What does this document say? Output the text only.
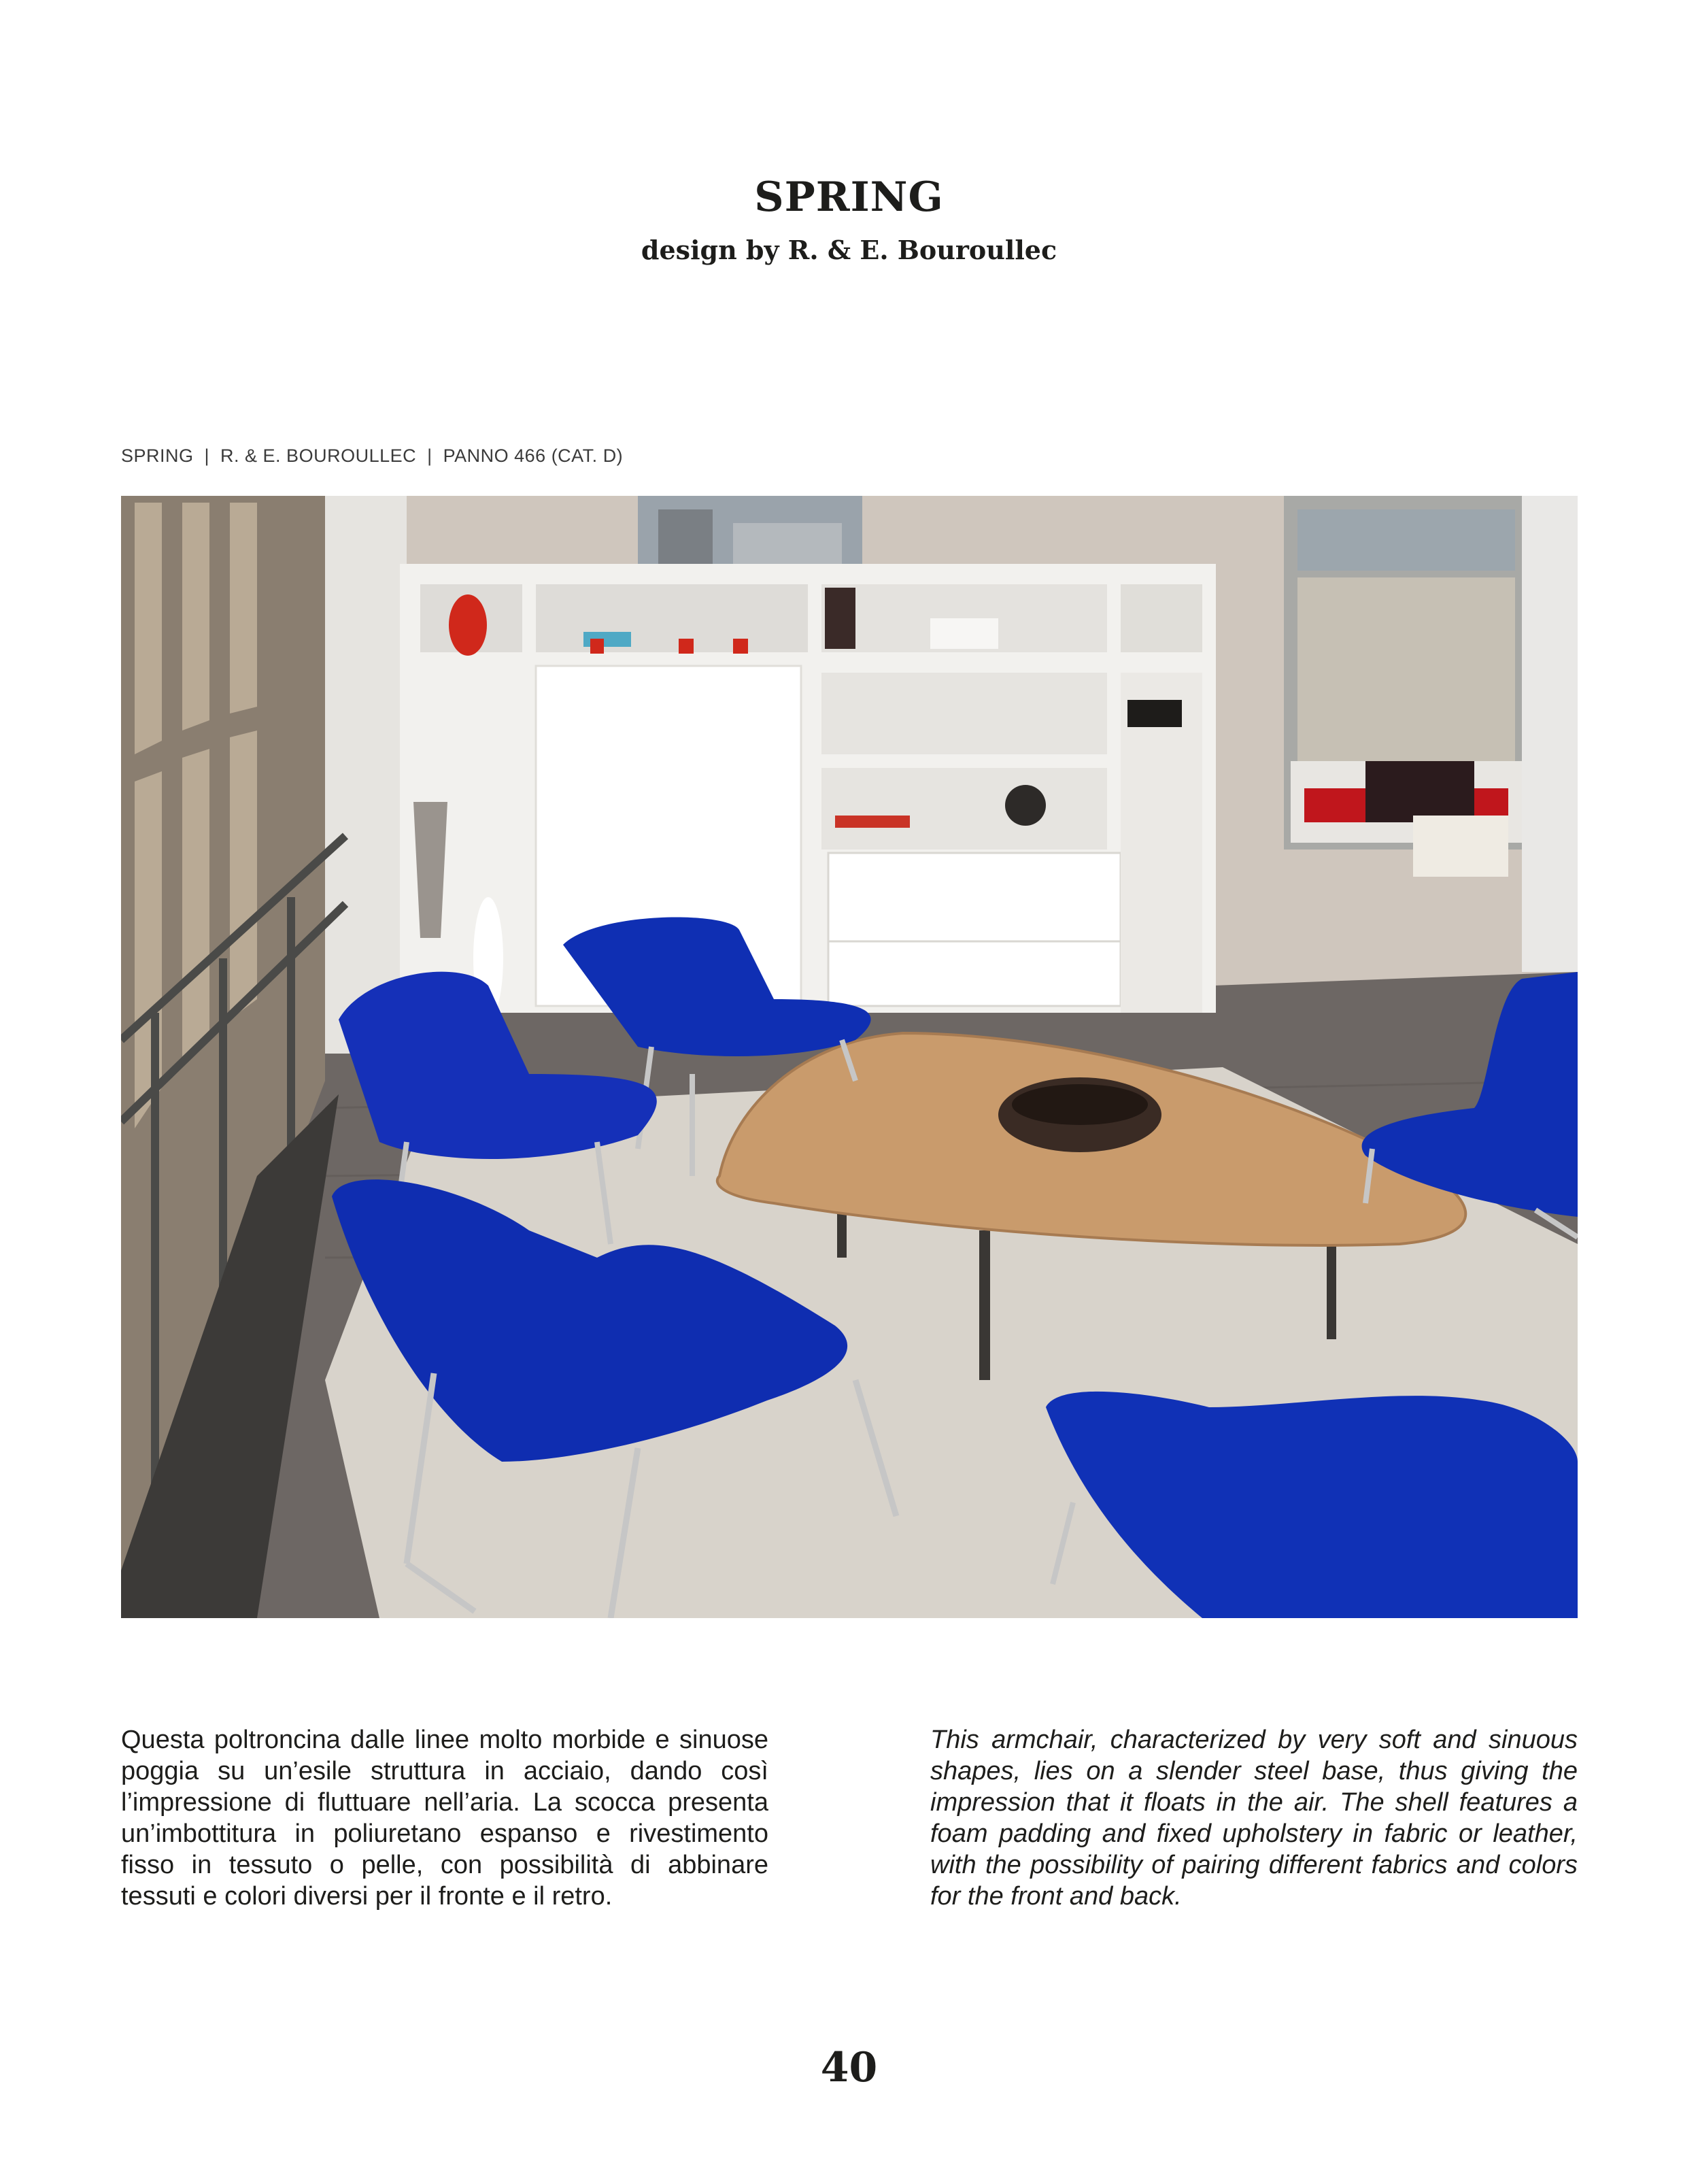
SPRING
design by R. & E. Bouroullec
SPRING  |  R. & E. BOUROULLEC  |  PANNO 466 (CAT. D)

Questa poltroncina dalle linee molto morbide e sinuose poggia su un’esile struttura in acciaio, dando così l’impressione di fluttuare nell’aria. La scocca presenta un’imbottitura in poliuretano espanso e rivestimento fisso in tessuto o pelle, con possibilità di abbinare tessuti e colori diversi per il fronte e il retro.

This armchair, characterized by very soft and sinuous shapes, lies on a slender steel base, thus giving the impression that it floats in the air. The shell features a foam padding and fixed upholstery in fabric or leather, with the possibility of pairing different fabrics and colors for the front and back.

40
